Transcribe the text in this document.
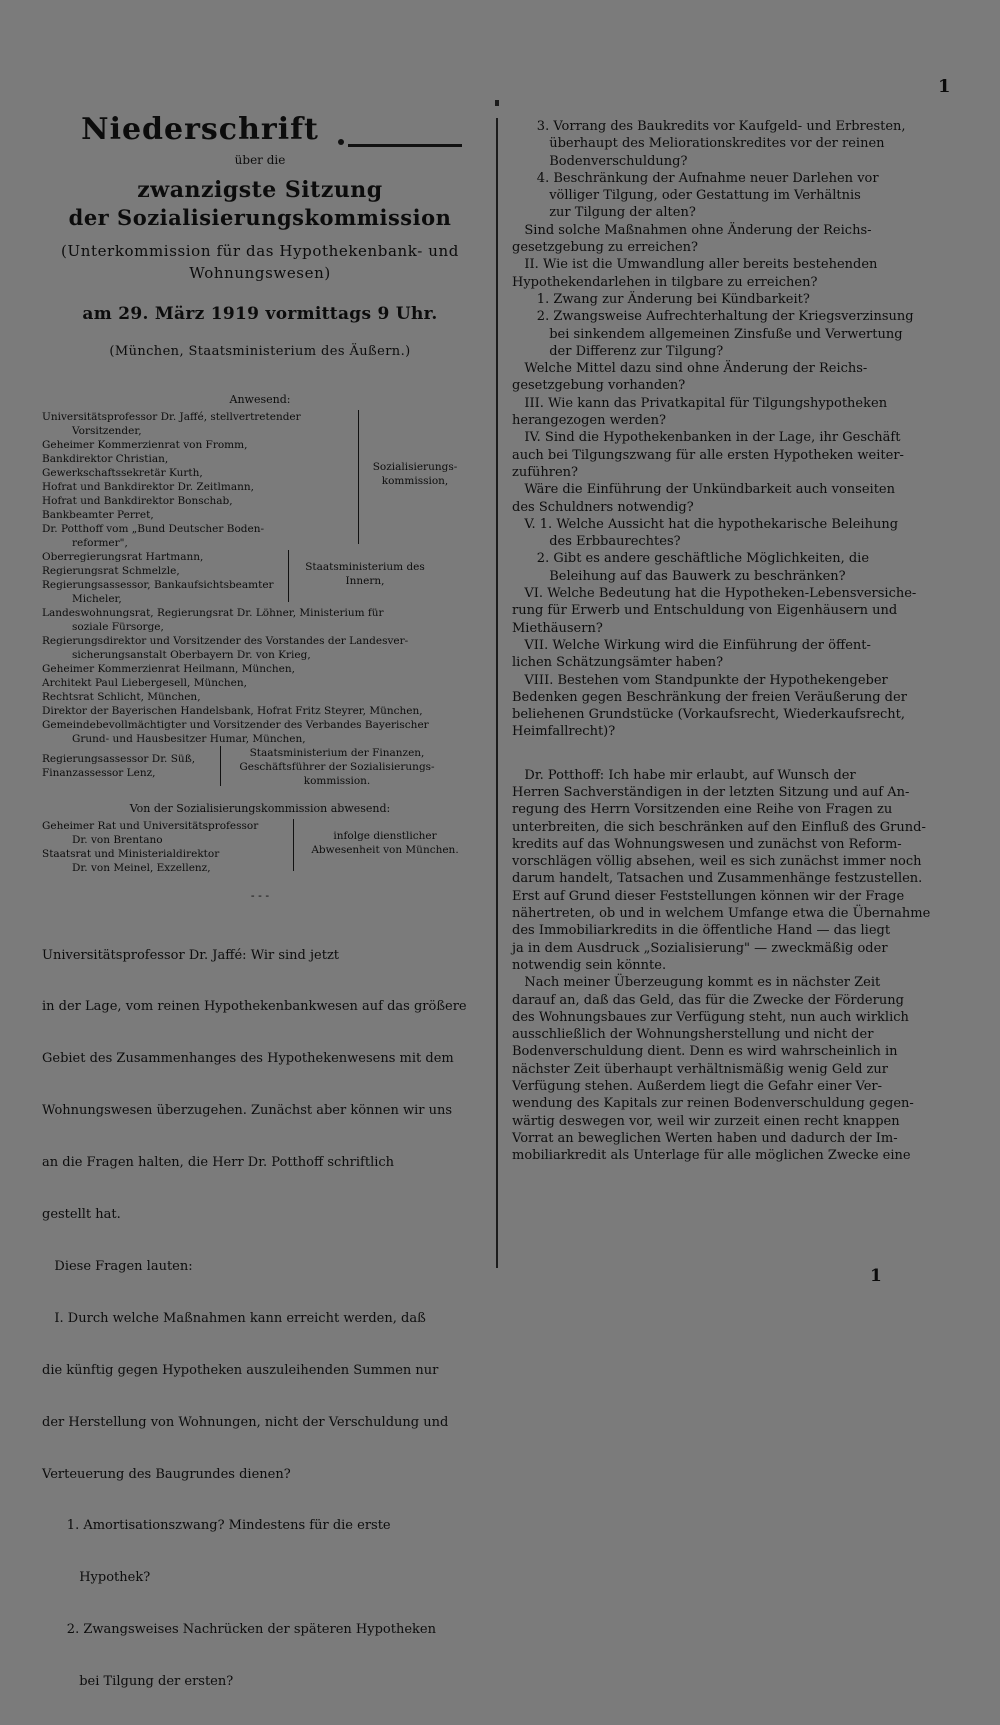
1
Niederschrift
über die
zwanzigste Sitzung
der Sozialisierungskommission
(Unterkommission für das Hypothekenbank- und
Wohnungswesen)
am 29. März 1919 vormittags 9 Uhr.
(München, Staatsministerium des Äußern.)
Anwesend:
Universitätsprofessor Dr. Jaffé, stellvertretender
Vorsitzender,
Geheimer Kommerzienrat von Fromm,
Bankdirektor Christian,
Gewerkschaftssekretär Kurth,
Hofrat und Bankdirektor Dr. Zeitlmann,
Hofrat und Bankdirektor Bonschab,
Bankbeamter Perret,
Dr. Potthoff vom „Bund Deutscher Boden-
reformer",
Sozialisierungs-
kommission,
Oberregierungsrat Hartmann,
Regierungsrat Schmelzle,
Regierungsassessor, Bankaufsichtsbeamter
Micheler,
Staatsministerium des
Innern,
Landeswohnungsrat, Regierungsrat Dr. Löhner, Ministerium für
soziale Fürsorge,
Regierungsdirektor und Vorsitzender des Vorstandes der Landesver-
sicherungsanstalt Oberbayern Dr. von Krieg,
Geheimer Kommerzienrat Heilmann, München,
Architekt Paul Liebergesell, München,
Rechtsrat Schlicht, München,
Direktor der Bayerischen Handelsbank, Hofrat Fritz Steyrer, München,
Gemeindebevollmächtigter und Vorsitzender des Verbandes Bayerischer
Grund- und Hausbesitzer Humar, München,
Regierungsassessor Dr. Süß,
Finanzassessor Lenz,
Staatsministerium der Finanzen,
Geschäftsführer der Sozialisierungs-
kommission.
Von der Sozialisierungskommission abwesend:
Geheimer Rat und Universitätsprofessor
Dr. von Brentano
Staatsrat und Ministerialdirektor
Dr. von Meinel, Exzellenz,
infolge dienstlicher
Abwesenheit von München.
- - -

Universitätsprofessor Dr. Jaffé: Wir sind jetzt

in der Lage, vom reinen Hypothekenbankwesen auf das größere

Gebiet des Zusammenhanges des Hypothekenwesens mit dem

Wohnungswesen überzugehen. Zunächst aber können wir uns

an die Fragen halten, die Herr Dr. Potthoff schriftlich

gestellt hat.

Diese Fragen lauten:

I. Durch welche Maßnahmen kann erreicht werden, daß

die künftig gegen Hypotheken auszuleihenden Summen nur

der Herstellung von Wohnungen, nicht der Verschuldung und

Verteuerung des Baugrundes dienen?

1. Amortisationszwang? Mindestens für die erste

Hypothek?

2. Zwangsweises Nachrücken der späteren Hypotheken

bei Tilgung der ersten?

3. Vorrang des Baukredits vor Kaufgeld- und Erbresten,
überhaupt des Meliorationskredites vor der reinen
Bodenverschuldung?
4. Beschränkung der Aufnahme neuer Darlehen vor
völliger Tilgung, oder Gestattung im Verhältnis
zur Tilgung der alten?
Sind solche Maßnahmen ohne Änderung der Reichs-
gesetzgebung zu erreichen?
II. Wie ist die Umwandlung aller bereits bestehenden
Hypothekendarlehen in tilgbare zu erreichen?
1. Zwang zur Änderung bei Kündbarkeit?
2. Zwangsweise Aufrechterhaltung der Kriegsverzinsung
bei sinkendem allgemeinen Zinsfuße und Verwertung
der Differenz zur Tilgung?
Welche Mittel dazu sind ohne Änderung der Reichs-
gesetzgebung vorhanden?
III. Wie kann das Privatkapital für Tilgungshypotheken
herangezogen werden?
IV. Sind die Hypothekenbanken in der Lage, ihr Geschäft
auch bei Tilgungszwang für alle ersten Hypotheken weiter-
zuführen?
Wäre die Einführung der Unkündbarkeit auch vonseiten
des Schuldners notwendig?
V. 1. Welche Aussicht hat die hypothekarische Beleihung
des Erbbaurechtes?
2. Gibt es andere geschäftliche Möglichkeiten, die
Beleihung auf das Bauwerk zu beschränken?
VI. Welche Bedeutung hat die Hypotheken-Lebensversiche-
rung für Erwerb und Entschuldung von Eigenhäusern und
Miethäusern?
VII. Welche Wirkung wird die Einführung der öffent-
lichen Schätzungsämter haben?
VIII. Bestehen vom Standpunkte der Hypothekengeber
Bedenken gegen Beschränkung der freien Veräußerung der
beliehenen Grundstücke (Vorkaufsrecht, Wiederkaufsrecht,
Heimfallrecht)?
Dr. Potthoff: Ich habe mir erlaubt, auf Wunsch der
Herren Sachverständigen in der letzten Sitzung und auf An-
regung des Herrn Vorsitzenden eine Reihe von Fragen zu
unterbreiten, die sich beschränken auf den Einfluß des Grund-
kredits auf das Wohnungswesen und zunächst von Reform-
vorschlägen völlig absehen, weil es sich zunächst immer noch
darum handelt, Tatsachen und Zusammenhänge festzustellen.
Erst auf Grund dieser Feststellungen können wir der Frage
nähertreten, ob und in welchem Umfange etwa die Übernahme
des Immobiliarkredits in die öffentliche Hand — das liegt
ja in dem Ausdruck „Sozialisierung" — zweckmäßig oder
notwendig sein könnte.
Nach meiner Überzeugung kommt es in nächster Zeit
darauf an, daß das Geld, das für die Zwecke der Förderung
des Wohnungsbaues zur Verfügung steht, nun auch wirklich
ausschließlich der Wohnungsherstellung und nicht der
Bodenverschuldung dient. Denn es wird wahrscheinlich in
nächster Zeit überhaupt verhältnismäßig wenig Geld zur
Verfügung stehen. Außerdem liegt die Gefahr einer Ver-
wendung des Kapitals zur reinen Bodenverschuldung gegen-
wärtig deswegen vor, weil wir zurzeit einen recht knappen
Vorrat an beweglichen Werten haben und dadurch der Im-
mobiliarkredit als Unterlage für alle möglichen Zwecke eine
1
